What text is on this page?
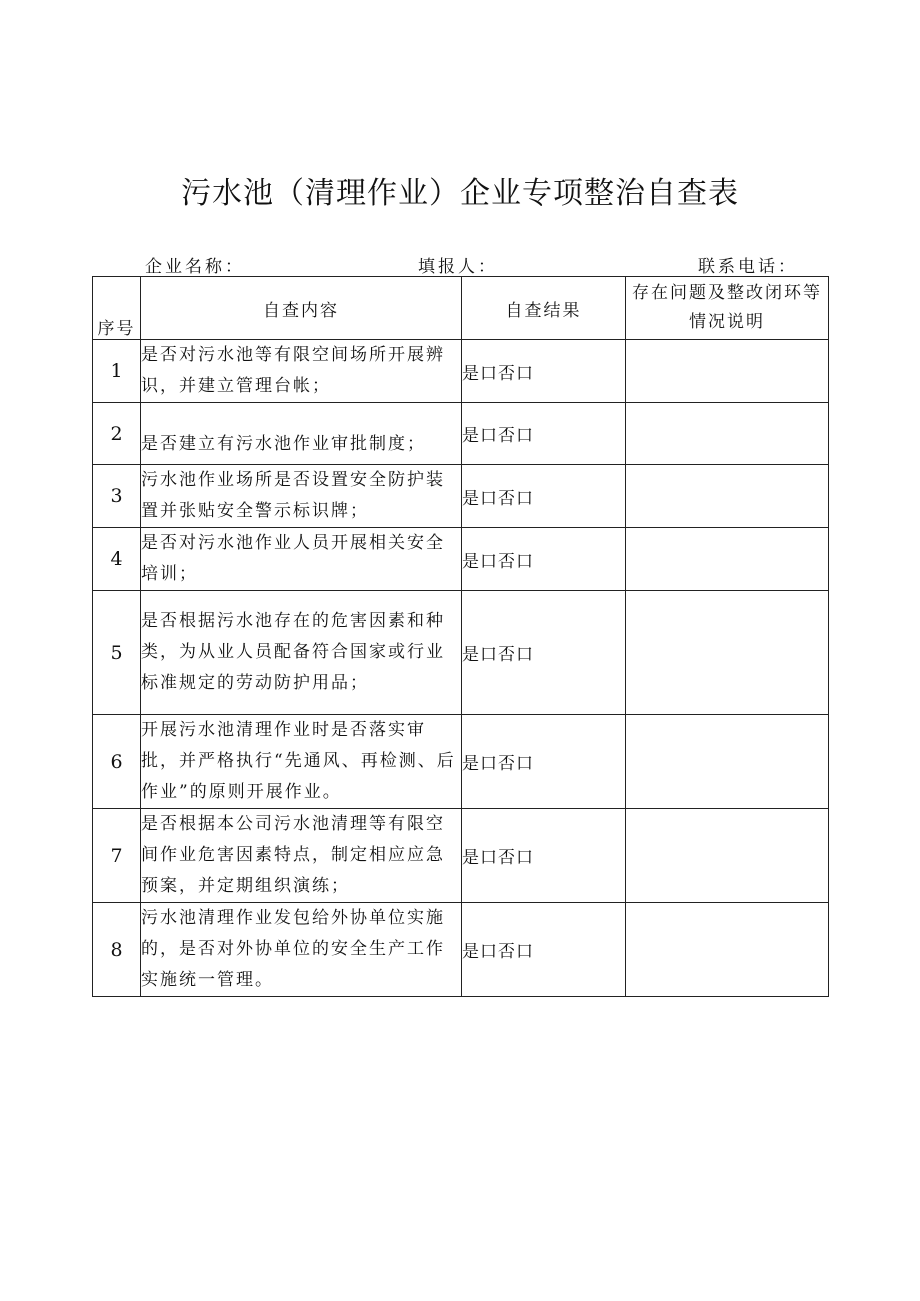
污水池（清理作业）企业专项整治自查表
企业名称：	填报人：	联系电话：
序号	自查内容	自查结果	存在问题及整改闭环等情况说明
1	是否对污水池等有限空间场所开展辨识，并建立管理台帐；	是口否口	
2	是否建立有污水池作业审批制度；	是口否口	
3	污水池作业场所是否设置安全防护装置并张贴安全警示标识牌；	是口否口	
4	是否对污水池作业人员开展相关安全培训；	是口否口	
5	是否根据污水池存在的危害因素和种类，为从业人员配备符合国家或行业标准规定的劳动防护用品；	是口否口	
6	开展污水池清理作业时是否落实审批，并严格执行“先通风、再检测、后作业”的原则开展作业。	是口否口	
7	是否根据本公司污水池清理等有限空间作业危害因素特点，制定相应应急预案，并定期组织演练；	是口否口	
8	污水池清理作业发包给外协单位实施的，是否对外协单位的安全生产工作实施统一管理。	是口否口	
